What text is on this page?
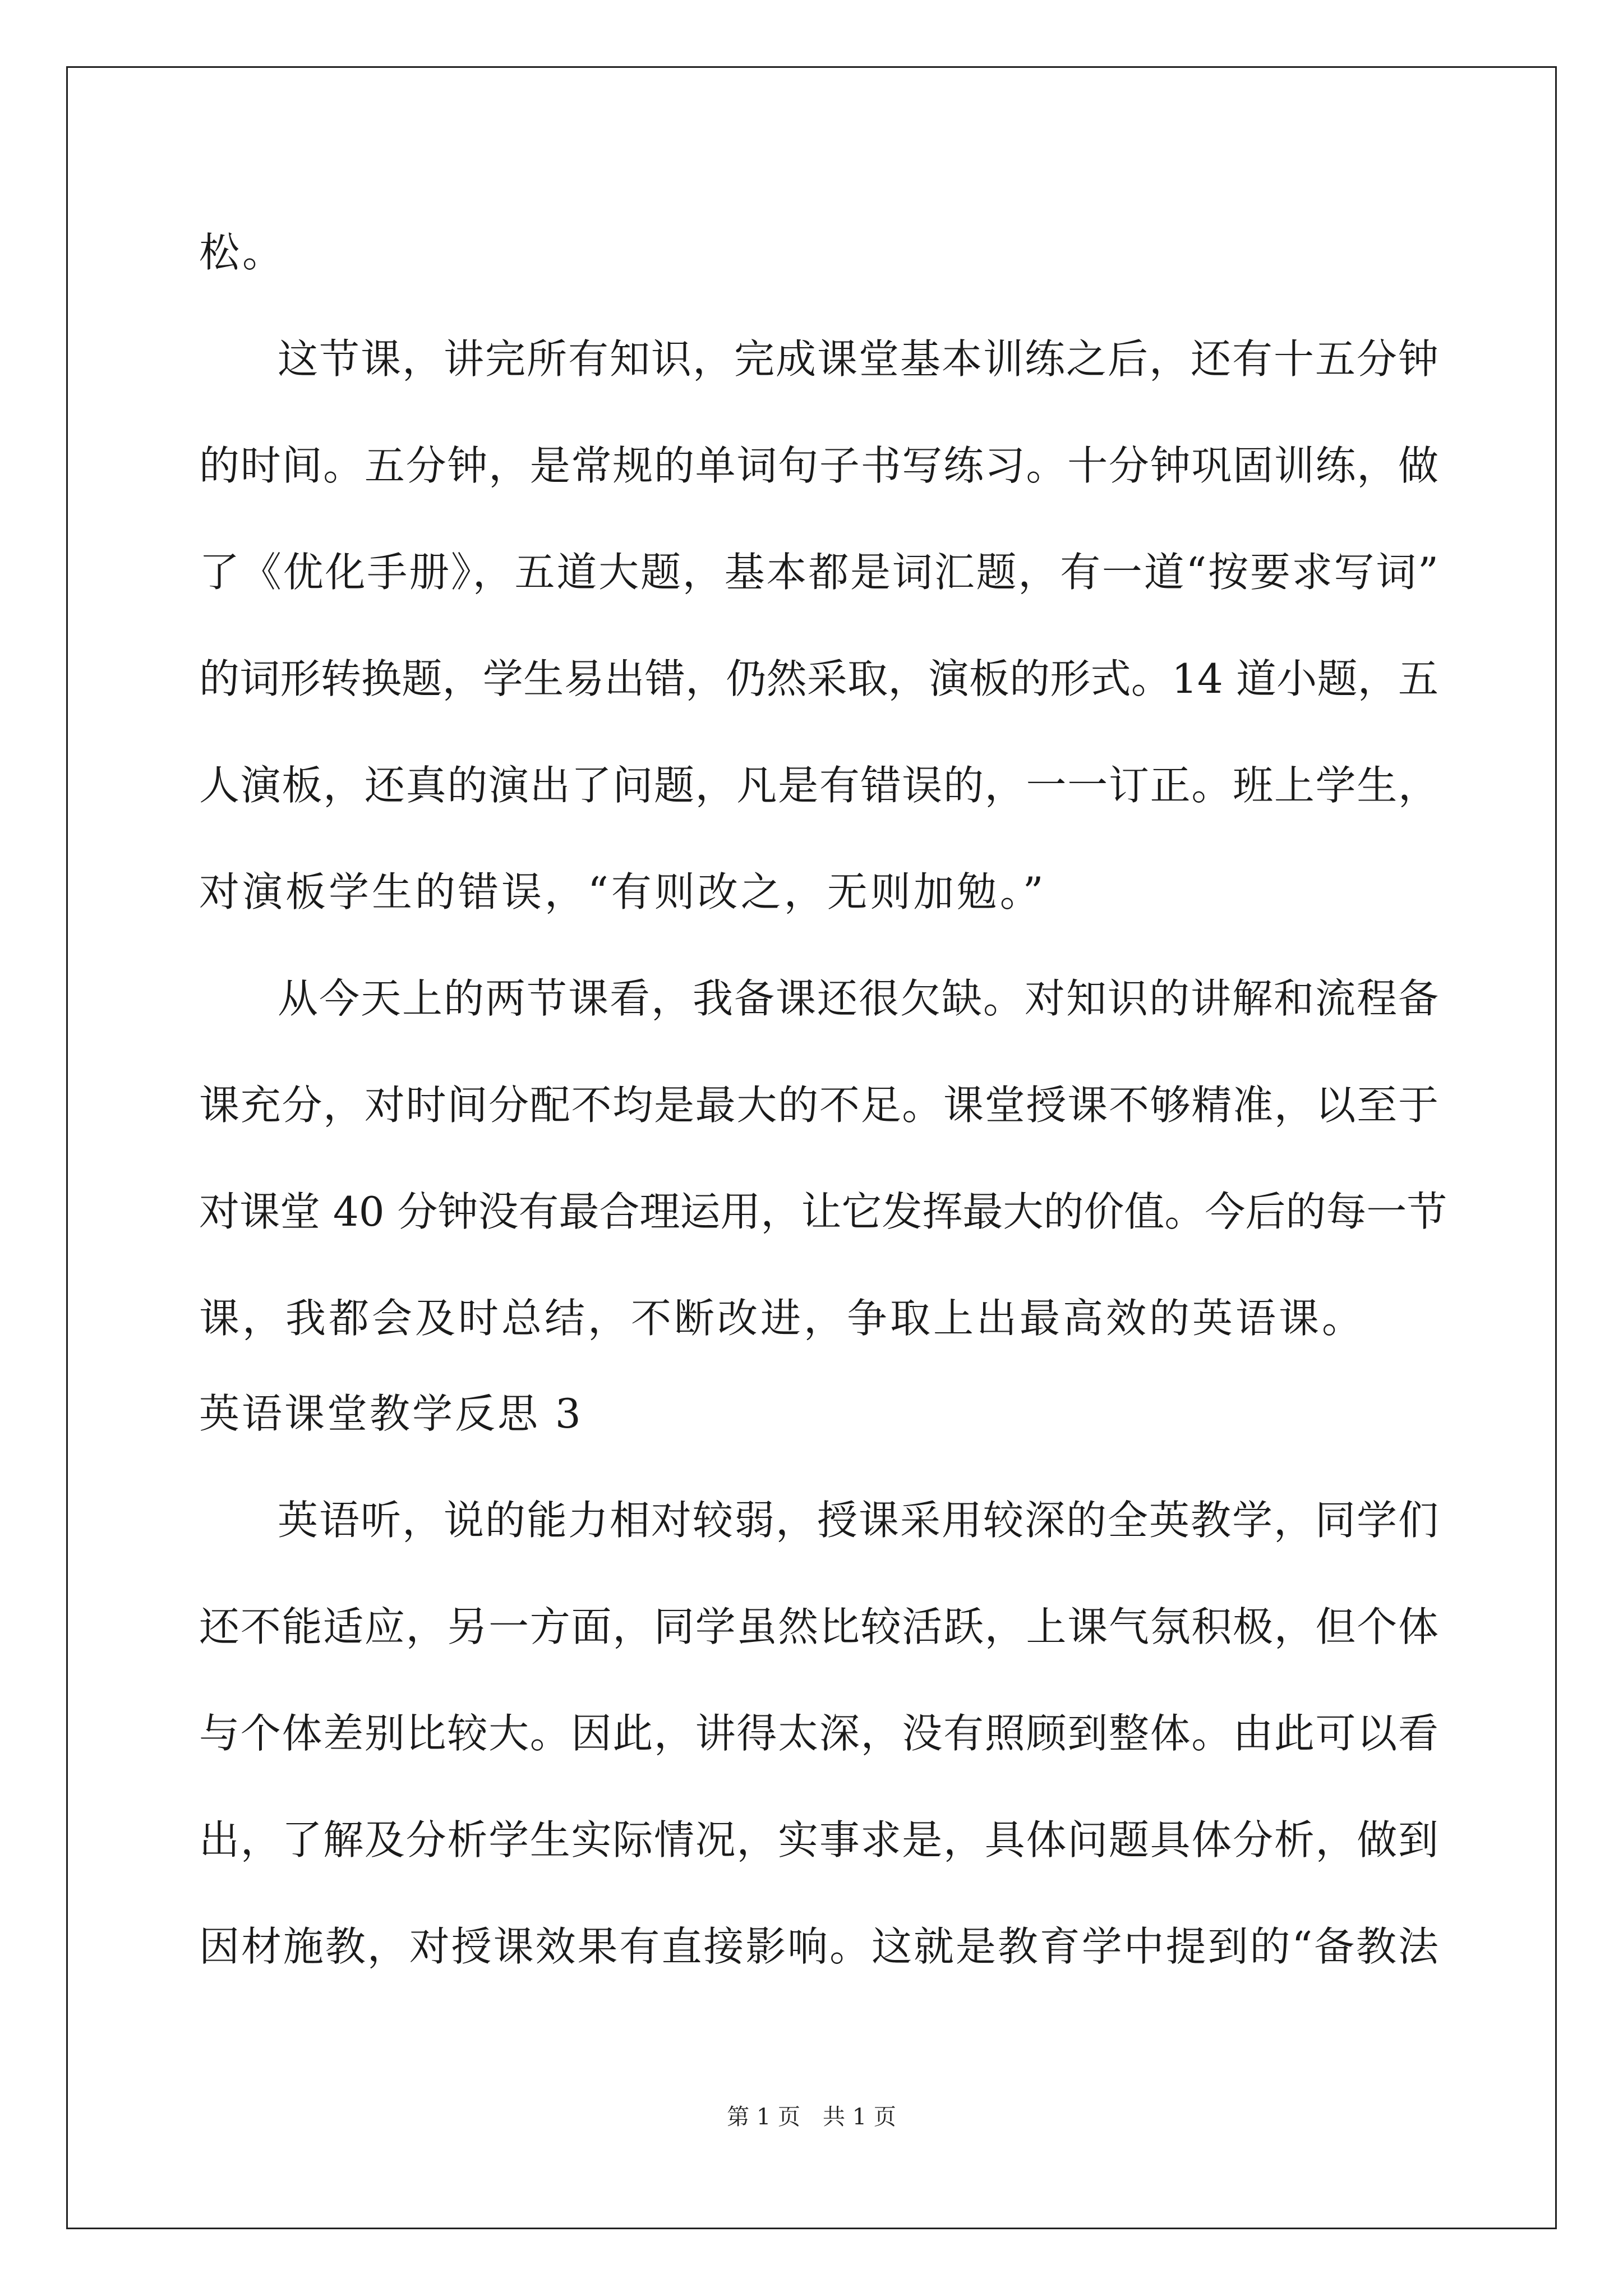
松。
这节课，讲完所有知识，完成课堂基本训练之后，还有十五分钟
的时间。五分钟，是常规的单词句子书写练习。十分钟巩固训练，做
了《优化手册》，五道大题，基本都是词汇题，有一道“按要求写词”
的词形转换题，学生易出错，仍然采取，演板的形式。14 道小题，五
人演板，还真的演出了问题，凡是有错误的，一一订正。班上学生，
对演板学生的错误，“有则改之，无则加勉。”
从今天上的两节课看，我备课还很欠缺。对知识的讲解和流程备
课充分，对时间分配不均是最大的不足。课堂授课不够精准，以至于
对课堂 40 分钟没有最合理运用，让它发挥最大的价值。今后的每一节
课，我都会及时总结，不断改进，争取上出最高效的英语课。
英语课堂教学反思 3
英语听，说的能力相对较弱，授课采用较深的全英教学，同学们
还不能适应，另一方面，同学虽然比较活跃，上课气氛积极，但个体
与个体差别比较大。因此，讲得太深，没有照顾到整体。由此可以看
出，了解及分析学生实际情况，实事求是，具体问题具体分析，做到
因材施教，对授课效果有直接影响。这就是教育学中提到的“备教法
第 1 页　共 1 页
